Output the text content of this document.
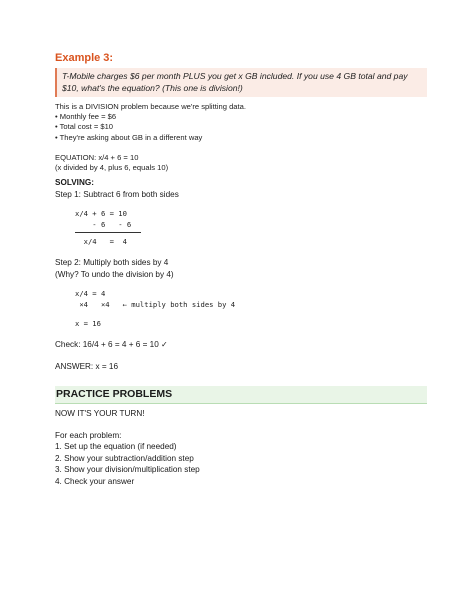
Example 3:
T-Mobile charges $6 per month PLUS you get x GB included. If you use 4 GB total and pay $10, what's the equation? (This one is division!)
This is a DIVISION problem because we're splitting data.
• Monthly fee = $6
• Total cost = $10
• They're asking about GB in a different way
EQUATION: x/4 + 6 = 10
(x divided by 4, plus 6, equals 10)
SOLVING:
Step 1: Subtract 6 from both sides
x/4 + 6 = 10
- 6   - 6
x/4   =  4
Step 2: Multiply both sides by 4
(Why? To undo the division by 4)
x/4 = 4
×4   ×4   ← multiply both sides by 4
x = 16
Check: 16/4 + 6 = 4 + 6 = 10 ✓
ANSWER: x = 16
PRACTICE PROBLEMS
NOW IT'S YOUR TURN!
For each problem:
1. Set up the equation (if needed)
2. Show your subtraction/addition step
3. Show your division/multiplication step
4. Check your answer
